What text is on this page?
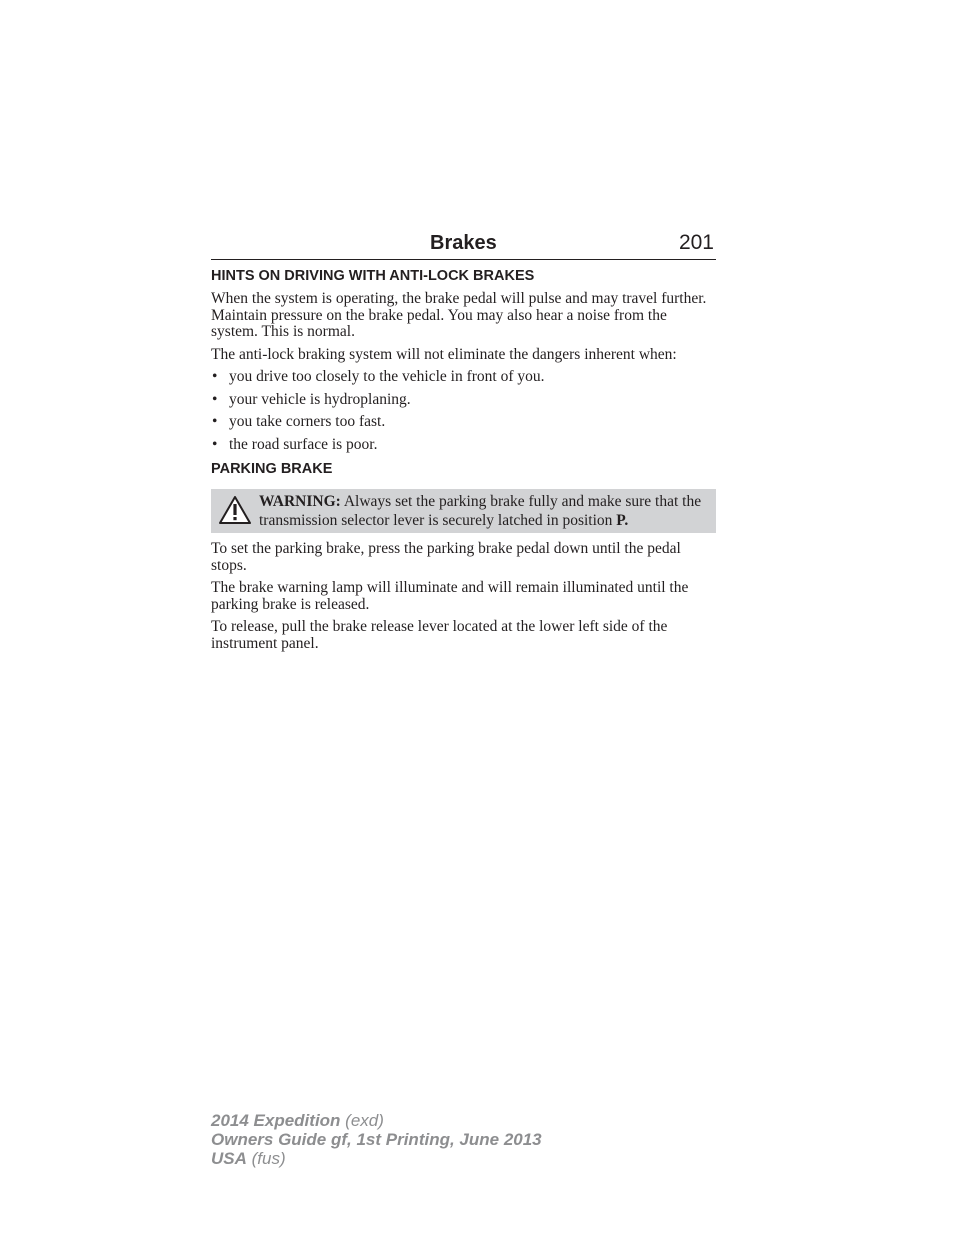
Brakes	201
HINTS ON DRIVING WITH ANTI-LOCK BRAKES

When the system is operating, the brake pedal will pulse and may travel further. Maintain pressure on the brake pedal. You may also hear a noise from the system. This is normal.

The anti-lock braking system will not eliminate the dangers inherent when:

• you drive too closely to the vehicle in front of you.
• your vehicle is hydroplaning.
• you take corners too fast.
• the road surface is poor.
PARKING BRAKE
WARNING: Always set the parking brake fully and make sure that the transmission selector lever is securely latched in position P.

To set the parking brake, press the parking brake pedal down until the pedal stops.

The brake warning lamp will illuminate and will remain illuminated until the parking brake is released.

To release, pull the brake release lever located at the lower left side of the instrument panel.

2014 Expedition (exd)
Owners Guide gf, 1st Printing, June 2013
USA (fus)
